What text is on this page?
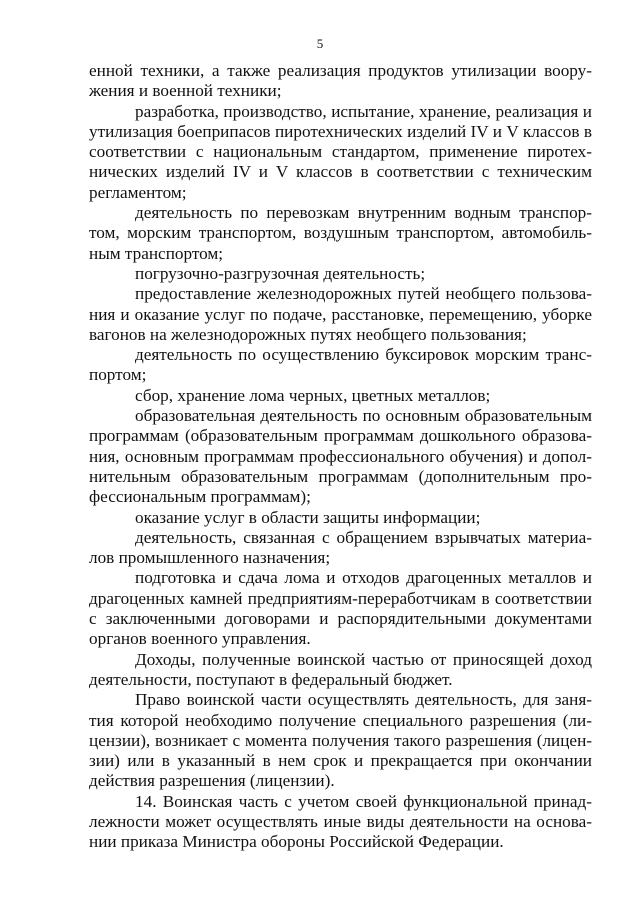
5

енной техники, а также реализация продуктов утилизации вооружения и военной техники;

разработка, производство, испытание, хранение, реализация и утилизация боеприпасов пиротехнических изделий IV и V классов в соответствии с национальным стандартом, применение пиротехнических изделий IV и V классов в соответствии с техническим регламентом;

деятельность по перевозкам внутренним водным транспортом, морским транспортом, воздушным транспортом, автомобильным транспортом;

погрузочно-разгрузочная деятельность;

предоставление железнодорожных путей необщего пользования и оказание услуг по подаче, расстановке, перемещению, уборке вагонов на железнодорожных путях необщего пользования;

деятельность по осуществлению буксировок морским транспортом;

сбор, хранение лома черных, цветных металлов;

образовательная деятельность по основным образовательным программам (образовательным программам дошкольного образования, основным программам профессионального обучения) и дополнительным образовательным программам (дополнительным профессиональным программам);

оказание услуг в области защиты информации;

деятельность, связанная с обращением взрывчатых материалов промышленного назначения;

подготовка и сдача лома и отходов драгоценных металлов и драгоценных камней предприятиям-переработчикам в соответствии с заключенными договорами и распорядительными документами органов военного управления.

Доходы, полученные воинской частью от приносящей доход деятельности, поступают в федеральный бюджет.

Право воинской части осуществлять деятельность, для занятия которой необходимо получение специального разрешения (лицензии), возникает с момента получения такого разрешения (лицензии) или в указанный в нем срок и прекращается при окончании действия разрешения (лицензии).

14. Воинская часть с учетом своей функциональной принадлежности может осуществлять иные виды деятельности на основании приказа Министра обороны Российской Федерации.
